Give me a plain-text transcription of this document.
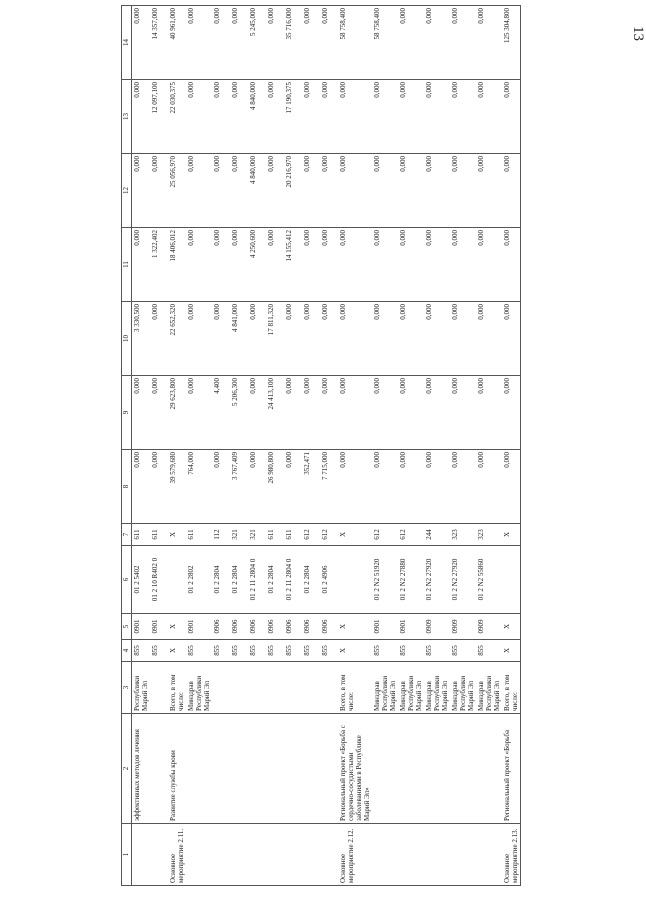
13
1	2	3	4	5	6	7	8	9	10	11	12	13	14
	эффективных методов лечения	Республики Марий Эл	855	0901	01 2 5402	611	0,000	0,000	3 330,500	0,000	0,000	0,000	0,000
			855	0901	01 2 10 R402 0	611	0,000	0,000	0,000	1 322,402	0,000	12 097,100	14 357,000
Основное мероприятие 2.11.	Развитие службы крови	Всего, в том числе:	X	X		X	39 579,680	29 623,800	22 652,320	18 406,012	25 056,970	22 030,375	40 961,000
		Минздрав Республики Марий Эл	855	0901	01 2 2802	611	764,000	0,000	0,000	0,000	0,000	0,000	0,000
			855	0906	01 2 2804	112	0,000	4,400	0,000	0,000	0,000	0,000	0,000
			855	0906	01 2 2804	321	3 767,409	5 206,300	4 841,000	0,000	0,000	0,000	0,000
			855	0906	01 2 11 2804 0	321	0,000	0,000	0,000	4 250,600	4 840,000	4 840,000	5 245,000
			855	0906	01 2 2804	611	26 980,800	24 413,100	17 811,320	0,000	0,000	0,000	0,000
			855	0906	01 2 11 2804 0	611	0,000	0,000	0,000	14 155,412	20 216,970	17 190,375	35 716,000
			855	0906	01 2 2804	612	352,471	0,000	0,000	0,000	0,000	0,000	0,000
			855	0906	01 2 4906	612	7 715,000	0,000	0,000	0,000	0,000	0,000	0,000
Основное мероприятие 2.12.	Региональный проект «Борьба с сердечно-сосудистыми заболеваниями в Республике Марий Эл»	Всего, в том числе:	X	X		X	0,000	0,000	0,000	0,000	0,000	0,000	58 758,400
		Минздрав Республики Марий Эл	855	0901	01 2 N2 51920	612	0,000	0,000	0,000	0,000	0,000	0,000	58 758,400
		Минздрав Республики Марий Эл	855	0901	01 2 N2 27880	612	0,000	0,000	0,000	0,000	0,000	0,000	0,000
		Минздрав Республики Марий Эл	855	0909	01 2 N2 27920	244	0,000	0,000	0,000	0,000	0,000	0,000	0,000
		Минздрав Республики Марий Эл	855	0909	01 2 N2 27920	323	0,000	0,000	0,000	0,000	0,000	0,000	0,000
		Минздрав Республики Марий Эл	855	0909	01 2 N2 55860	323	0,000	0,000	0,000	0,000	0,000	0,000	0,000
Основное мероприятие 2.13.	Региональный проект «Борьба	Всего, в том числе:	X	X		X	0,000	0,000	0,000	0,000	0,000	0,000	125 304,800
